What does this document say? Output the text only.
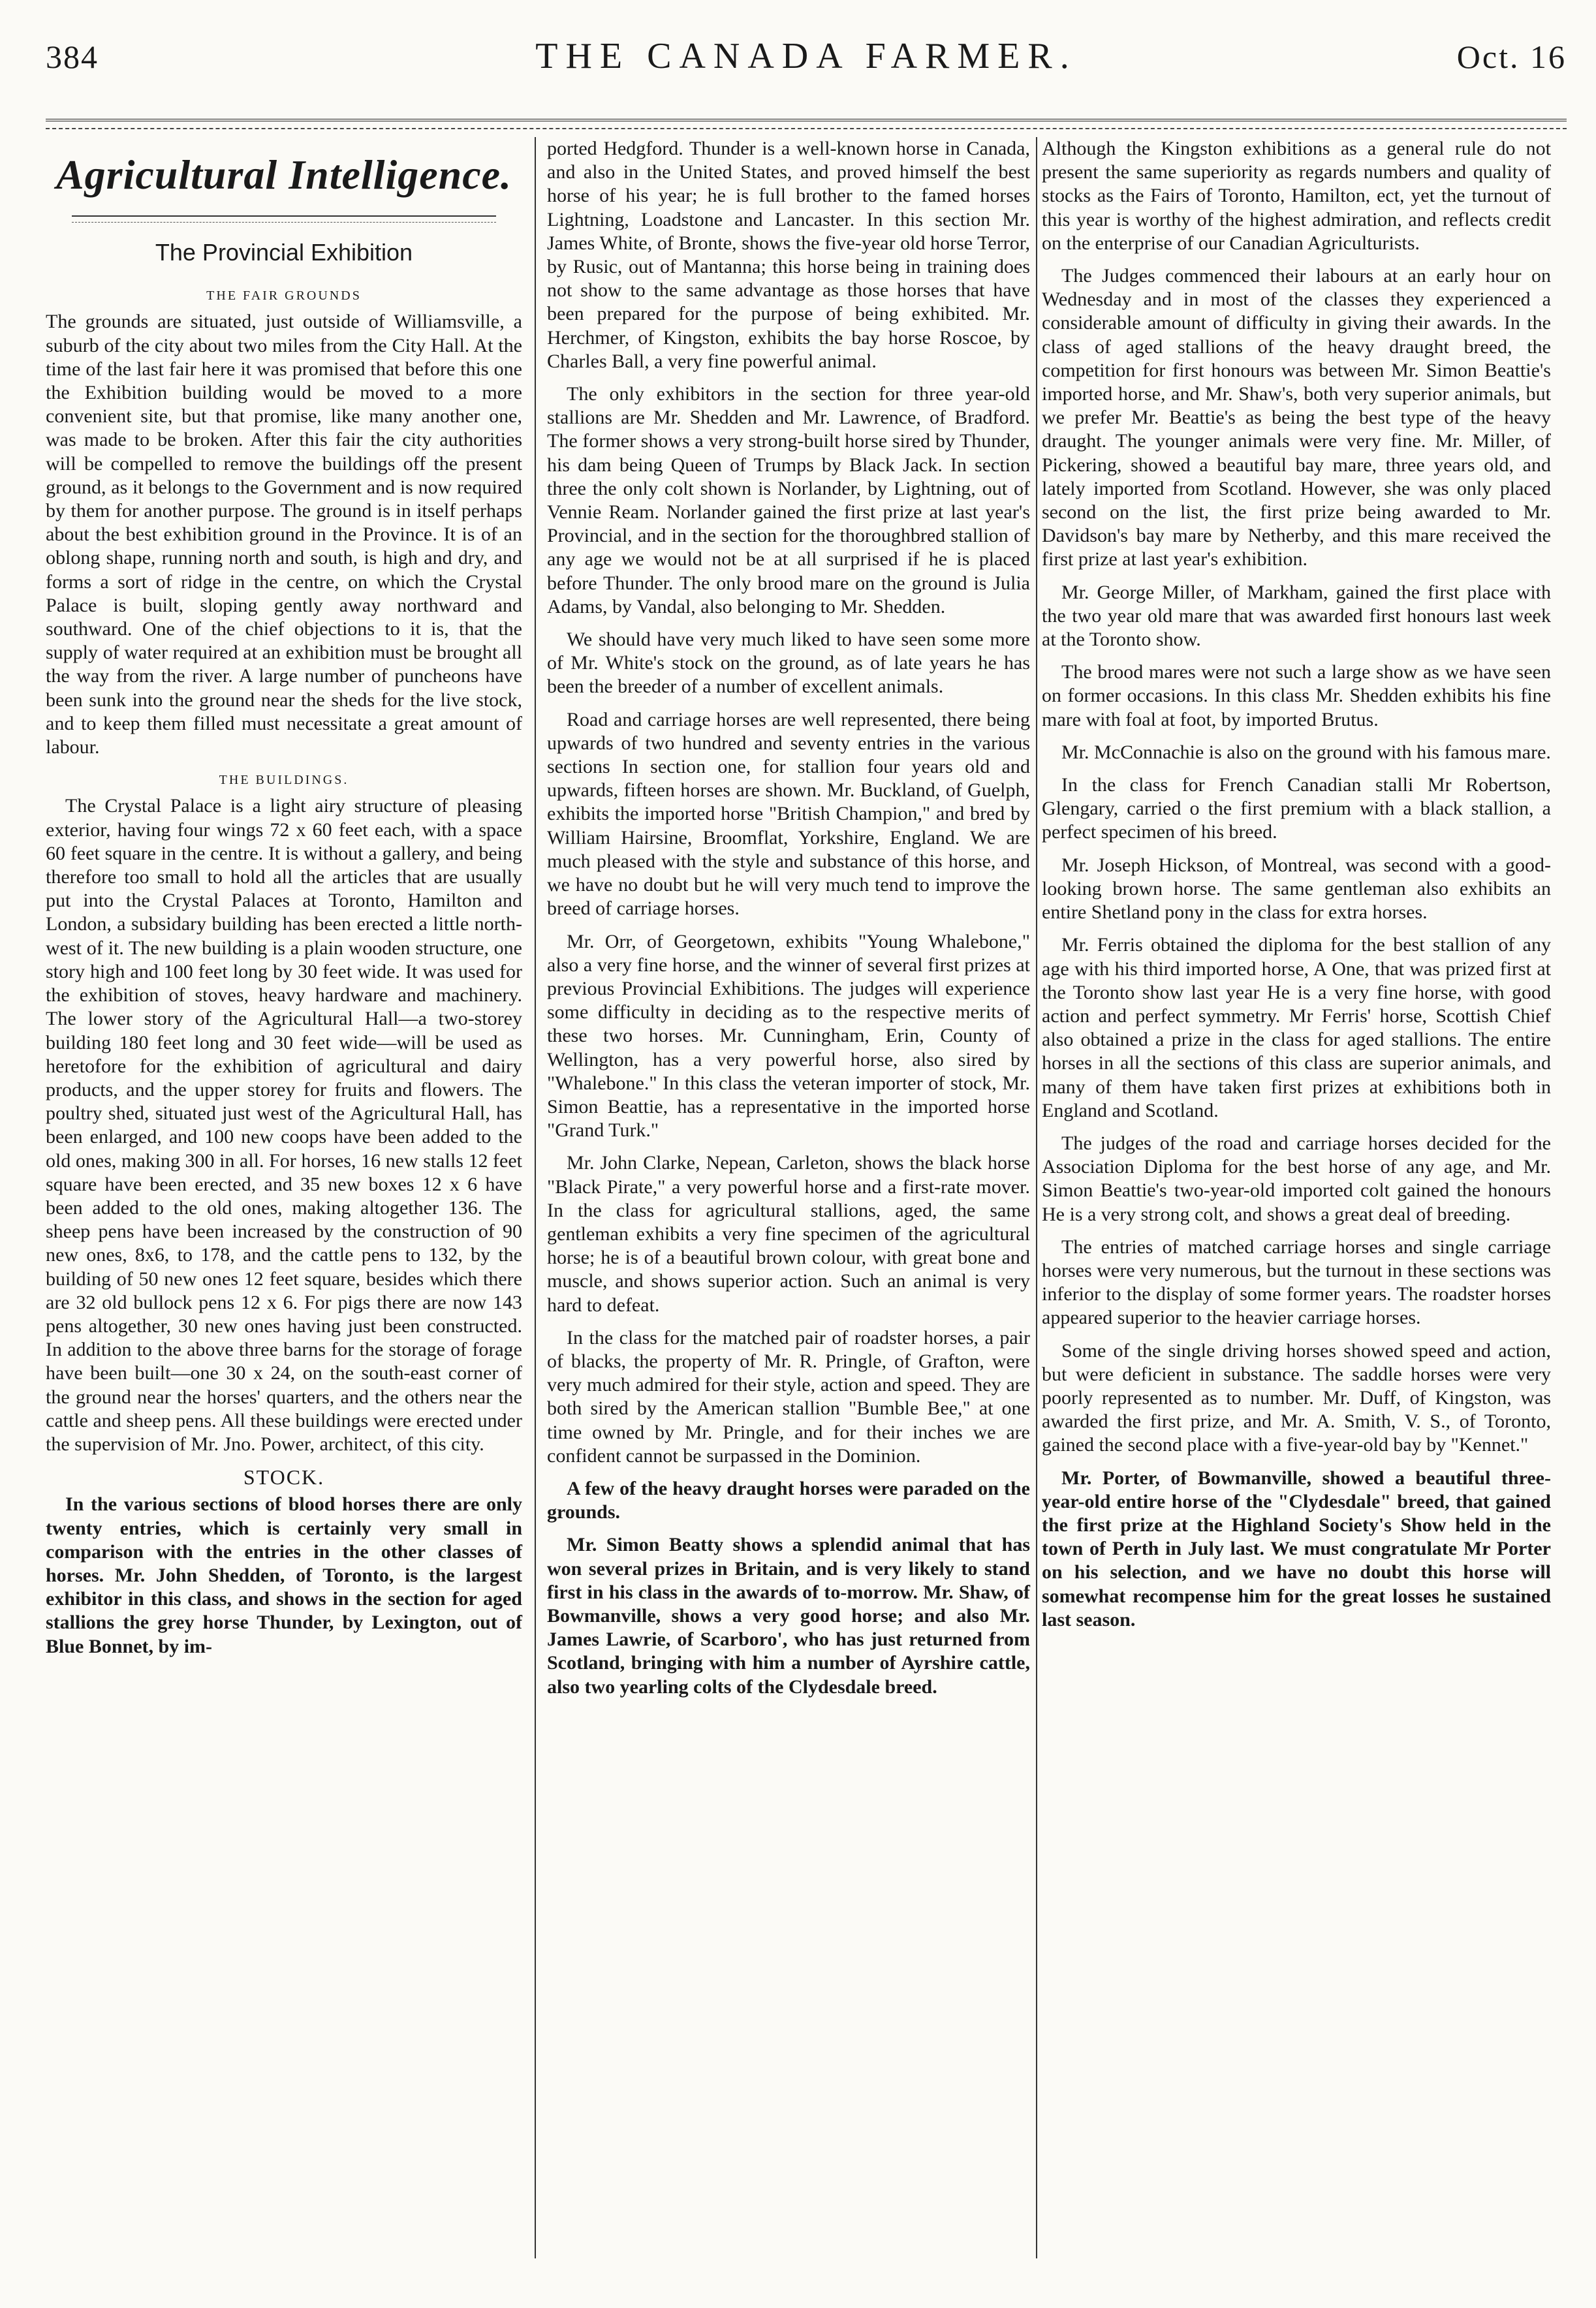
384	THE CANADA FARMER.	Oct. 16
Agricultural Intelligence.
The Provincial Exhibition
THE FAIR GROUNDS

The grounds are situated, just outside of Williamsville, a suburb of the city about two miles from the City Hall. At the time of the last fair here it was promised that before this one the Exhibition building would be moved to a more convenient site, but that promise, like many another one, was made to be broken. After this fair the city authorities will be compelled to remove the buildings off the present ground, as it belongs to the Government and is now required by them for another purpose. The ground is in itself perhaps about the best exhibition ground in the Province. It is of an oblong shape, running north and south, is high and dry, and forms a sort of ridge in the centre, on which the Crystal Palace is built, sloping gently away northward and southward. One of the chief objections to it is, that the supply of water required at an exhibition must be brought all the way from the river. A large number of puncheons have been sunk into the ground near the sheds for the live stock, and to keep them filled must necessitate a great amount of labour.

THE BUILDINGS.

The Crystal Palace is a light airy structure of pleasing exterior, having four wings 72 x 60 feet each, with a space 60 feet square in the centre. It is without a gallery, and being therefore too small to hold all the articles that are usually put into the Crystal Palaces at Toronto, Hamilton and London, a subsidary building has been erected a little north-west of it. The new building is a plain wooden structure, one story high and 100 feet long by 30 feet wide. It was used for the exhibition of stoves, heavy hardware and machinery. The lower story of the Agricultural Hall—a two-storey building 180 feet long and 30 feet wide—will be used as heretofore for the exhibition of agricultural and dairy products, and the upper storey for fruits and flowers. The poultry shed, situated just west of the Agricultural Hall, has been enlarged, and 100 new coops have been added to the old ones, making 300 in all. For horses, 16 new stalls 12 feet square have been erected, and 35 new boxes 12 x 6 have been added to the old ones, making altogether 136. The sheep pens have been increased by the construction of 90 new ones, 8x6, to 178, and the cattle pens to 132, by the building of 50 new ones 12 feet square, besides which there are 32 old bullock pens 12 x 6. For pigs there are now 143 pens altogether, 30 new ones having just been constructed. In addition to the above three barns for the storage of forage have been built—one 30 x 24, on the south-east corner of the ground near the horses' quarters, and the others near the cattle and sheep pens. All these buildings were erected under the supervision of Mr. Jno. Power, architect, of this city.

STOCK.

In the various sections of blood horses there are only twenty entries, which is certainly very small in comparison with the entries in the other classes of horses. Mr. John Shedden, of Toronto, is the largest exhibitor in this class, and shows in the section for aged stallions the grey horse Thunder, by Lexington, out of Blue Bonnet, by im-

ported Hedgford. Thunder is a well-known horse in Canada, and also in the United States, and proved himself the best horse of his year; he is full brother to the famed horses Lightning, Loadstone and Lancaster. In this section Mr. James White, of Bronte, shows the five-year old horse Terror, by Rusic, out of Mantanna; this horse being in training does not show to the same advantage as those horses that have been prepared for the purpose of being exhibited. Mr. Herchmer, of Kingston, exhibits the bay horse Roscoe, by Charles Ball, a very fine powerful animal.

The only exhibitors in the section for three year-old stallions are Mr. Shedden and Mr. Lawrence, of Bradford. The former shows a very strong-built horse sired by Thunder, his dam being Queen of Trumps by Black Jack. In section three the only colt shown is Norlander, by Lightning, out of Vennie Ream. Norlander gained the first prize at last year's Provincial, and in the section for the thoroughbred stallion of any age we would not be at all surprised if he is placed before Thunder. The only brood mare on the ground is Julia Adams, by Vandal, also belonging to Mr. Shedden.

We should have very much liked to have seen some more of Mr. White's stock on the ground, as of late years he has been the breeder of a number of excellent animals.

Road and carriage horses are well represented, there being upwards of two hundred and seventy entries in the various sections In section one, for stallion four years old and upwards, fifteen horses are shown. Mr. Buckland, of Guelph, exhibits the imported horse "British Champion," and bred by William Hairsine, Broomflat, Yorkshire, England. We are much pleased with the style and substance of this horse, and we have no doubt but he will very much tend to improve the breed of carriage horses.

Mr. Orr, of Georgetown, exhibits "Young Whalebone," also a very fine horse, and the winner of several first prizes at previous Provincial Exhibitions. The judges will experience some difficulty in deciding as to the respective merits of these two horses. Mr. Cunningham, Erin, County of Wellington, has a very powerful horse, also sired by "Whalebone." In this class the veteran importer of stock, Mr. Simon Beattie, has a representative in the imported horse "Grand Turk."

Mr. John Clarke, Nepean, Carleton, shows the black horse "Black Pirate," a very powerful horse and a first-rate mover. In the class for agricultural stallions, aged, the same gentleman exhibits a very fine specimen of the agricultural horse; he is of a beautiful brown colour, with great bone and muscle, and shows superior action. Such an animal is very hard to defeat.

In the class for the matched pair of roadster horses, a pair of blacks, the property of Mr. R. Pringle, of Grafton, were very much admired for their style, action and speed. They are both sired by the American stallion "Bumble Bee," at one time owned by Mr. Pringle, and for their inches we are confident cannot be surpassed in the Dominion.

A few of the heavy draught horses were paraded on the grounds.

Mr. Simon Beatty shows a splendid animal that has won several prizes in Britain, and is very likely to stand first in his class in the awards of to-morrow. Mr. Shaw, of Bowmanville, shows a very good horse; and also Mr. James Lawrie, of Scarboro', who has just returned from Scotland, bringing with him a number of Ayrshire cattle, also two yearling colts of the Clydesdale breed.

Although the Kingston exhibitions as a general rule do not present the same superiority as regards numbers and quality of stocks as the Fairs of Toronto, Hamilton, ect, yet the turnout of this year is worthy of the highest admiration, and reflects credit on the enterprise of our Canadian Agriculturists.

The Judges commenced their labours at an early hour on Wednesday and in most of the classes they experienced a considerable amount of difficulty in giving their awards. In the class of aged stallions of the heavy draught breed, the competition for first honours was between Mr. Simon Beattie's imported horse, and Mr. Shaw's, both very superior animals, but we prefer Mr. Beattie's as being the best type of the heavy draught. The younger animals were very fine. Mr. Miller, of Pickering, showed a beautiful bay mare, three years old, and lately imported from Scotland. However, she was only placed second on the list, the first prize being awarded to Mr. Davidson's bay mare by Netherby, and this mare received the first prize at last year's exhibition.

Mr. George Miller, of Markham, gained the first place with the two year old mare that was awarded first honours last week at the Toronto show.

The brood mares were not such a large show as we have seen on former occasions. In this class Mr. Shedden exhibits his fine mare with foal at foot, by imported Brutus.

Mr. McConnachie is also on the ground with his famous mare.

In the class for French Canadian stalli Mr Robertson, Glengary, carried o the first premium with a black stallion, a perfect specimen of his breed.

Mr. Joseph Hickson, of Montreal, was second with a good-looking brown horse. The same gentleman also exhibits an entire Shetland pony in the class for extra horses.

Mr. Ferris obtained the diploma for the best stallion of any age with his third imported horse, A One, that was prized first at the Toronto show last year He is a very fine horse, with good action and perfect symmetry. Mr Ferris' horse, Scottish Chief also obtained a prize in the class for aged stallions. The entire horses in all the sections of this class are superior animals, and many of them have taken first prizes at exhibitions both in England and Scotland.

The judges of the road and carriage horses decided for the Association Diploma for the best horse of any age, and Mr. Simon Beattie's two-year-old imported colt gained the honours He is a very strong colt, and shows a great deal of breeding.

The entries of matched carriage horses and single carriage horses were very numerous, but the turnout in these sections was inferior to the display of some former years. The roadster horses appeared superior to the heavier carriage horses.

Some of the single driving horses showed speed and action, but were deficient in substance. The saddle horses were very poorly represented as to number. Mr. Duff, of Kingston, was awarded the first prize, and Mr. A. Smith, V. S., of Toronto, gained the second place with a five-year-old bay by "Kennet."

Mr. Porter, of Bowmanville, showed a beautiful three-year-old entire horse of the "Clydesdale" breed, that gained the first prize at the Highland Society's Show held in the town of Perth in July last. We must congratulate Mr Porter on his selection, and we have no doubt this horse will somewhat recompense him for the great losses he sustained last season.
